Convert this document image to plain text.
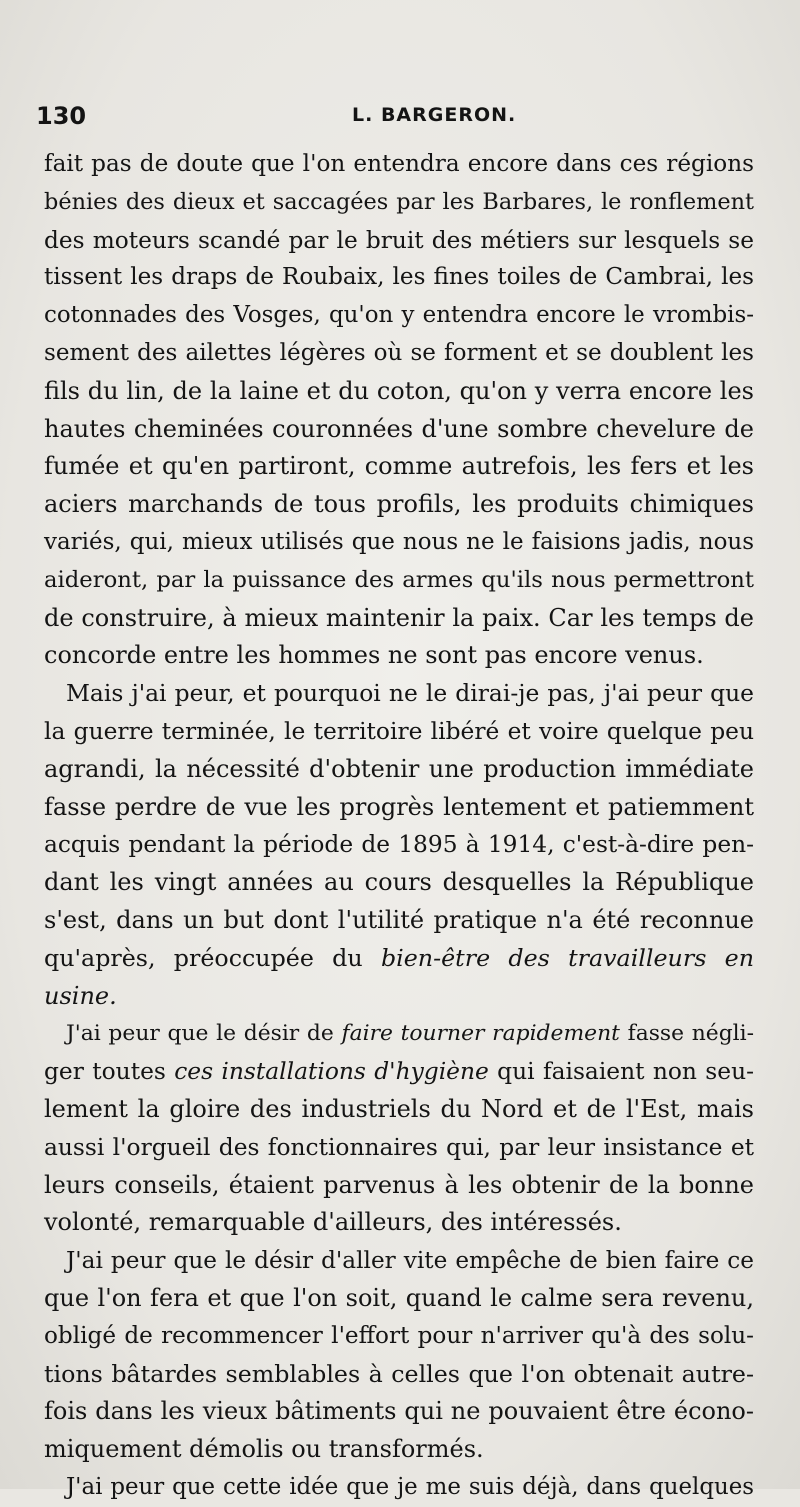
130	L. BARGERON.
fait pas de doute que l'on entendra encore dans ces régions
bénies des dieux et saccagées par les Barbares, le ronflement
des moteurs scandé par le bruit des métiers sur lesquels se
tissent les draps de Roubaix, les fines toiles de Cambrai, les
cotonnades des Vosges, qu'on y entendra encore le vrombis-
sement des ailettes légères où se forment et se doublent les
fils du lin, de la laine et du coton, qu'on y verra encore les
hautes cheminées couronnées d'une sombre chevelure de
fumée et qu'en partiront, comme autrefois, les fers et les
aciers marchands de tous profils, les produits chimiques
variés, qui, mieux utilisés que nous ne le faisions jadis, nous
aideront, par la puissance des armes qu'ils nous permettront
de construire, à mieux maintenir la paix. Car les temps de
concorde entre les hommes ne sont pas encore venus.
Mais j'ai peur, et pourquoi ne le dirai-je pas, j'ai peur que
la guerre terminée, le territoire libéré et voire quelque peu
agrandi, la nécessité d'obtenir une production immédiate
fasse perdre de vue les progrès lentement et patiemment
acquis pendant la période de 1895 à 1914, c'est-à-dire pen-
dant les vingt années au cours desquelles la République
s'est, dans un but dont l'utilité pratique n'a été reconnue
qu'après, préoccupée du bien-être des travailleurs en
usine.
J'ai peur que le désir de faire tourner rapidement fasse négli-
ger toutes ces installations d'hygiène qui faisaient non seu-
lement la gloire des industriels du Nord et de l'Est, mais
aussi l'orgueil des fonctionnaires qui, par leur insistance et
leurs conseils, étaient parvenus à les obtenir de la bonne
volonté, remarquable d'ailleurs, des intéressés.
J'ai peur que le désir d'aller vite empêche de bien faire ce
que l'on fera et que l'on soit, quand le calme sera revenu,
obligé de recommencer l'effort pour n'arriver qu'à des solu-
tions bâtardes semblables à celles que l'on obtenait autre-
fois dans les vieux bâtiments qui ne pouvaient être écono-
miquement démolis ou transformés.
J'ai peur que cette idée que je me suis déjà, dans quelques
